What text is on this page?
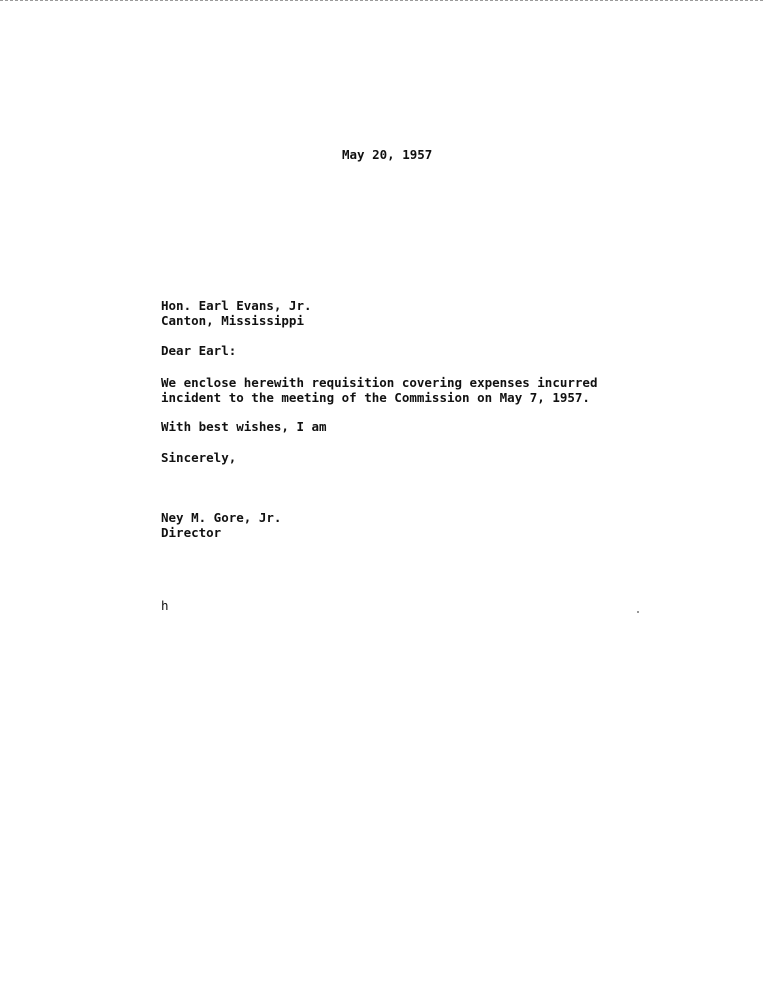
May 20, 1957
Hon. Earl Evans, Jr.
Canton, Mississippi
Dear Earl:
We enclose herewith requisition covering expenses incurred
incident to the meeting of the Commission on May 7, 1957.
With best wishes, I am
Sincerely,
Ney M. Gore, Jr.
Director
h
